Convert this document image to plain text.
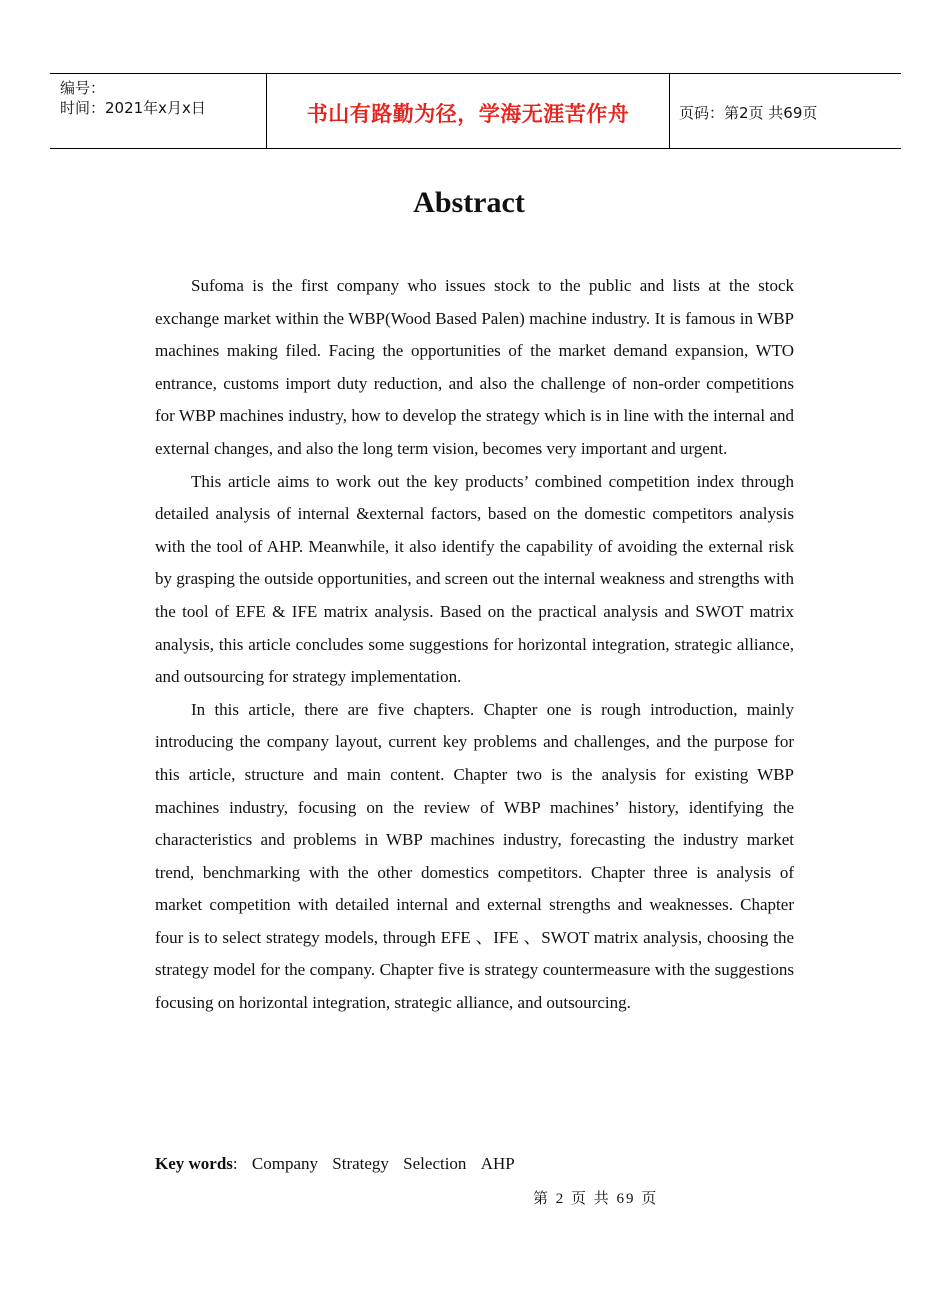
编号：
时间：2021年x月x日	书山有路勤为径，学海无涯苦作舟	页码：第2页 共69页
Abstract

Sufoma is the first company who issues stock to the public and lists at the stock exchange market within the WBP(Wood Based Palen) machine industry. It is famous in WBP machines making filed. Facing the opportunities of the market demand expansion, WTO entrance, customs import duty reduction, and also the challenge of non-order competitions for WBP machines industry, how to develop the strategy which is in line with the internal and external changes, and also the long term vision, becomes very important and urgent.

This article aims to work out the key products’ combined competition index through detailed analysis of internal &external factors, based on the domestic competitors analysis with the tool of AHP. Meanwhile, it also identify the capability of avoiding the external risk by grasping the outside opportunities, and screen out the internal weakness and strengths with the tool of EFE & IFE matrix analysis. Based on the practical analysis and SWOT matrix analysis, this article concludes some suggestions for horizontal integration, strategic alliance, and outsourcing for strategy implementation.

In this article, there are five chapters. Chapter one is rough introduction, mainly introducing the company layout, current key problems and challenges, and the purpose for this article, structure and main content. Chapter two is the analysis for existing WBP machines industry, focusing on the review of WBP machines’ history, identifying the characteristics and problems in WBP machines industry, forecasting the industry market trend, benchmarking with the other domestics competitors. Chapter three is analysis of market competition with detailed internal and external strengths and weaknesses. Chapter four is to select strategy models, through EFE 、IFE 、SWOT matrix analysis, choosing the strategy model for the company. Chapter five is strategy countermeasure with the suggestions focusing on horizontal integration, strategic alliance, and outsourcing.

Key words: Company Strategy Selection AHP
第 2 页 共 69 页
